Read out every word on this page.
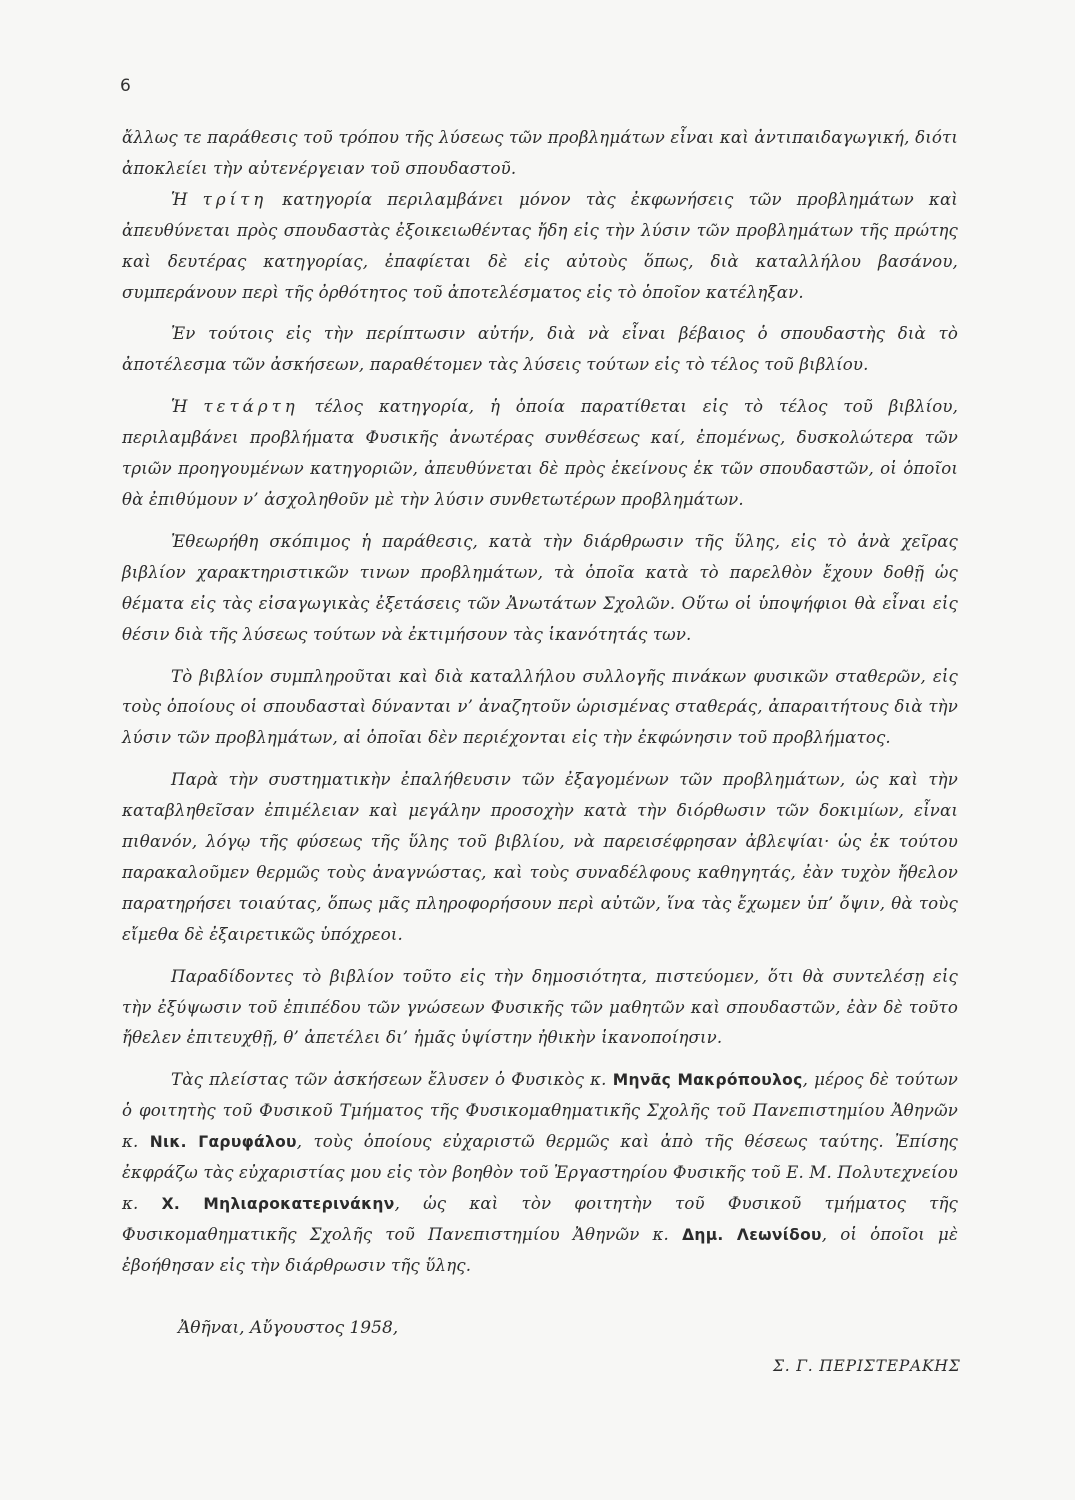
6

ἄλλως τε παράθεσις τοῦ τρόπου τῆς λύσεως τῶν προβλημάτων εἶναι καὶ ἀντιπαιδαγωγική, διότι ἀποκλείει τὴν αὐτενέργειαν τοῦ σπουδαστοῦ.

Ἡ τρίτη κατηγορία περιλαμβάνει μόνον τὰς ἐκφωνήσεις τῶν προβλημάτων καὶ ἀπευθύνεται πρὸς σπουδαστὰς ἐξοικειωθέντας ἤδη εἰς τὴν λύσιν τῶν προβλημάτων τῆς πρώτης καὶ δευτέρας κατηγορίας, ἐπαφίεται δὲ εἰς αὐτοὺς ὅπως, διὰ καταλλήλου βασάνου, συμπεράνουν περὶ τῆς ὀρθότητος τοῦ ἀποτελέσματος εἰς τὸ ὁποῖον κατέληξαν.

Ἐν τούτοις εἰς τὴν περίπτωσιν αὐτήν, διὰ νὰ εἶναι βέβαιος ὁ σπουδαστὴς διὰ τὸ ἀποτέλεσμα τῶν ἀσκήσεων, παραθέτομεν τὰς λύσεις τούτων εἰς τὸ τέλος τοῦ βιβλίου.

Ἡ τετάρτη τέλος κατηγορία, ἡ ὁποία παρατίθεται εἰς τὸ τέλος τοῦ βιβλίου, περιλαμβάνει προβλήματα Φυσικῆς ἀνωτέρας συνθέσεως καί, ἐπομένως, δυσκολώτερα τῶν τριῶν προηγουμένων κατηγοριῶν, ἀπευθύνεται δὲ πρὸς ἐκείνους ἐκ τῶν σπουδαστῶν, οἱ ὁποῖοι θὰ ἐπιθύμουν ν’ ἀσχοληθοῦν μὲ τὴν λύσιν συνθετωτέρων προβλημάτων.

Ἐθεωρήθη σκόπιμος ἡ παράθεσις, κατὰ τὴν διάρθρωσιν τῆς ὕλης, εἰς τὸ ἀνὰ χεῖρας βιβλίον χαρακτηριστικῶν τινων προβλημάτων, τὰ ὁποῖα κατὰ τὸ παρελθὸν ἔχουν δοθῇ ὡς θέματα εἰς τὰς εἰσαγωγικὰς ἐξετάσεις τῶν Ἀνωτάτων Σχολῶν. Οὕτω οἱ ὑποψήφιοι θὰ εἶναι εἰς θέσιν διὰ τῆς λύσεως τούτων νὰ ἐκτιμήσουν τὰς ἱκανότητάς των.

Τὸ βιβλίον συμπληροῦται καὶ διὰ καταλλήλου συλλογῆς πινάκων φυσικῶν σταθερῶν, εἰς τοὺς ὁποίους οἱ σπουδασταὶ δύνανται ν’ ἀναζητοῦν ὡρισμένας σταθεράς, ἀπαραιτήτους διὰ τὴν λύσιν τῶν προβλημάτων, αἱ ὁποῖαι δὲν περιέχονται εἰς τὴν ἐκφώνησιν τοῦ προβλήματος.

Παρὰ τὴν συστηματικὴν ἐπαλήθευσιν τῶν ἐξαγομένων τῶν προβλημάτων, ὡς καὶ τὴν καταβληθεῖσαν ἐπιμέλειαν καὶ μεγάλην προσοχὴν κατὰ τὴν διόρθωσιν τῶν δοκιμίων, εἶναι πιθανόν, λόγῳ τῆς φύσεως τῆς ὕλης τοῦ βιβλίου, νὰ παρεισέφρησαν ἀβλεψίαι· ὡς ἐκ τούτου παρακαλοῦμεν θερμῶς τοὺς ἀναγνώστας, καὶ τοὺς συναδέλφους καθηγητάς, ἐὰν τυχὸν ἤθελον παρατηρήσει τοιαύτας, ὅπως μᾶς πληροφορήσουν περὶ αὐτῶν, ἵνα τὰς ἔχωμεν ὑπ’ ὄψιν, θὰ τοὺς εἴμεθα δὲ ἐξαιρετικῶς ὑπόχρεοι.

Παραδίδοντες τὸ βιβλίον τοῦτο εἰς τὴν δημοσιότητα, πιστεύομεν, ὅτι θὰ συντελέσῃ εἰς τὴν ἐξύψωσιν τοῦ ἐπιπέδου τῶν γνώσεων Φυσικῆς τῶν μαθητῶν καὶ σπουδαστῶν, ἐὰν δὲ τοῦτο ἤθελεν ἐπιτευχθῇ, θ’ ἀπετέλει δι’ ἡμᾶς ὑψίστην ἠθικὴν ἱκανοποίησιν.

Τὰς πλείστας τῶν ἀσκήσεων ἔλυσεν ὁ Φυσικὸς κ. Μηνᾶς Μακρόπουλος, μέρος δὲ τούτων ὁ φοιτητὴς τοῦ Φυσικοῦ Τμήματος τῆς Φυσικομαθηματικῆς Σχολῆς τοῦ Πανεπιστημίου Ἀθηνῶν κ. Νικ. Γαρυφάλου, τοὺς ὁποίους εὐχαριστῶ θερμῶς καὶ ἀπὸ τῆς θέσεως ταύτης. Ἐπίσης ἐκφράζω τὰς εὐχαριστίας μου εἰς τὸν βοηθὸν τοῦ Ἐργαστηρίου Φυσικῆς τοῦ Ε. Μ. Πολυτεχνείου κ. Χ. Μηλιαροκατερινάκην, ὡς καὶ τὸν φοιτητὴν τοῦ Φυσικοῦ τμήματος τῆς Φυσικομαθηματικῆς Σχολῆς τοῦ Πανεπιστημίου Ἀθηνῶν κ. Δημ. Λεωνίδου, οἱ ὁποῖοι μὲ ἐβοήθησαν εἰς τὴν διάρθρωσιν τῆς ὕλης.

Ἀθῆναι, Αὔγουστος 1958,
Σ. Γ. ΠΕΡΙΣΤΕΡΑΚΗΣ
